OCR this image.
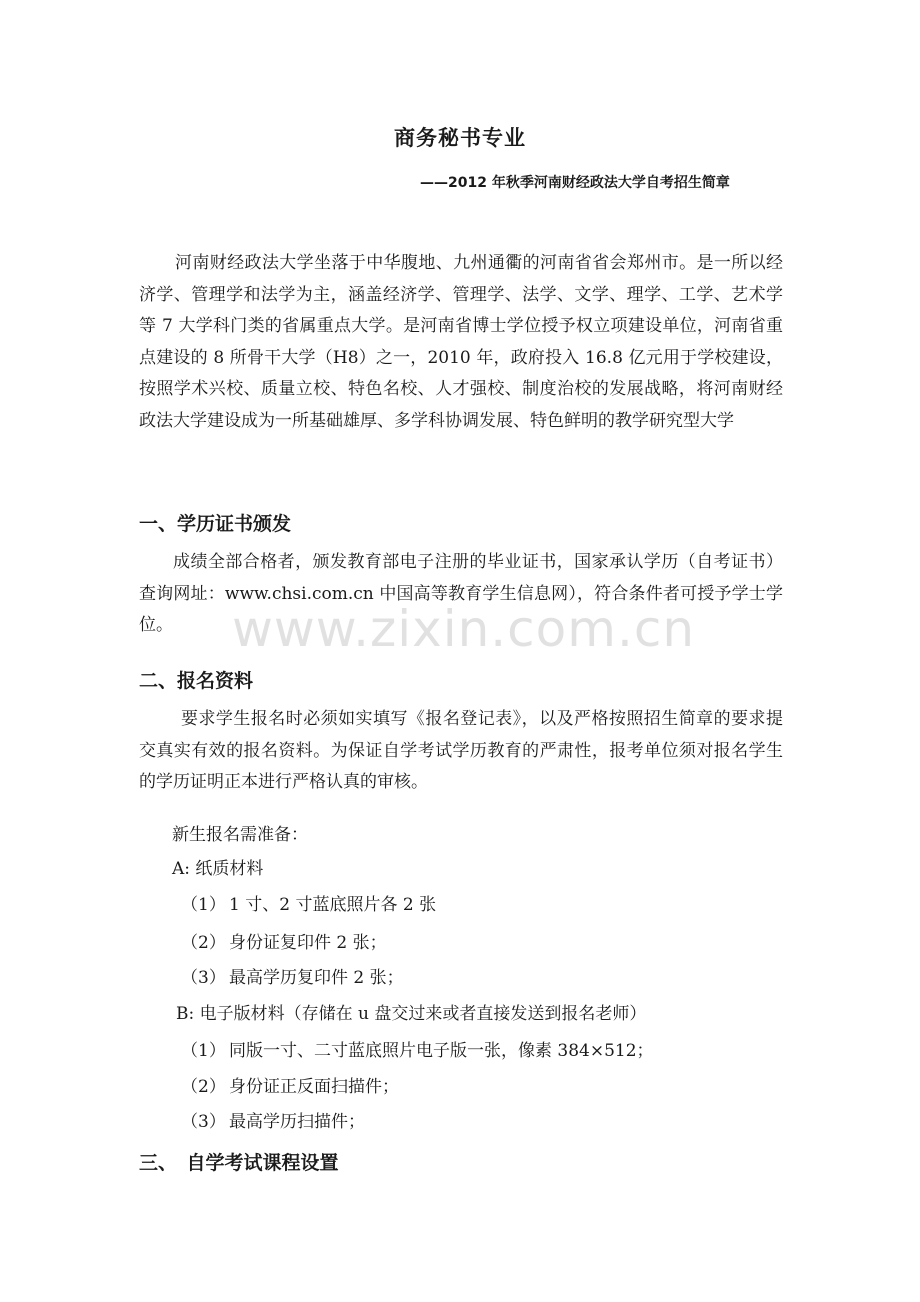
商务秘书专业
——2012 年秋季河南财经政法大学自考招生简章

河南财经政法大学坐落于中华腹地、九州通衢的河南省省会郑州市。是一所以经济学、管理学和法学为主，涵盖经济学、管理学、法学、文学、理学、工学、艺术学等 7 大学科门类的省属重点大学。是河南省博士学位授予权立项建设单位，河南省重点建设的 8 所骨干大学（H8）之一，2010 年，政府投入 16.8 亿元用于学校建设，按照学术兴校、质量立校、特色名校、人才强校、制度治校的发展战略，将河南财经政法大学建设成为一所基础雄厚、多学科协调发展、特色鲜明的教学研究型大学

一、学历证书颁发

成绩全部合格者，颁发教育部电子注册的毕业证书，国家承认学历（自考证书）查询网址：www.chsi.com.cn 中国高等教育学生信息网），符合条件者可授予学士学位。

二、报名资料

要求学生报名时必须如实填写《报名登记表》，以及严格按照招生简章的要求提交真实有效的报名资料。为保证自学考试学历教育的严肃性，报考单位须对报名学生的学历证明正本进行严格认真的审核。

新生报名需准备：

A: 纸质材料

（1） 1 寸、2 寸蓝底照片各 2 张

（2） 身份证复印件 2 张；

（3） 最高学历复印件 2 张；

B: 电子版材料（存储在 u 盘交过来或者直接发送到报名老师）

（1） 同版一寸、二寸蓝底照片电子版一张，像素 384×512；

（2） 身份证正反面扫描件；

（3） 最高学历扫描件；

三、　自学考试课程设置
www.zixin.com.cn
